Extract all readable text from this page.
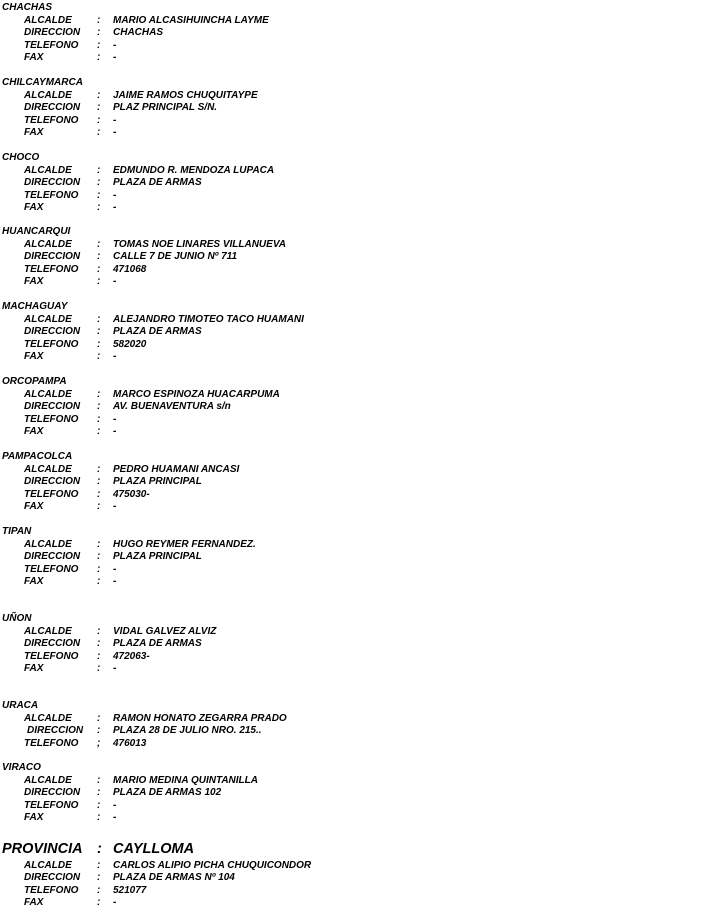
CHACHAS
ALCALDE	: MARIO ALCASIHUINCHA LAYME
DIRECCION : CHACHAS
TELEFONO : -
FAX	: -
CHILCAYMARCA
ALCALDE	: JAIME RAMOS CHUQUITAYPE
DIRECCION : PLAZ PRINCIPAL S/N.
TELEFONO : -
FAX	: -
CHOCO
ALCALDE	: EDMUNDO R. MENDOZA LUPACA
DIRECCION : PLAZA DE ARMAS
TELEFONO : -
FAX	: -
HUANCARQUI
ALCALDE	: TOMAS NOE LINARES VILLANUEVA
DIRECCION : CALLE 7 DE JUNIO Nº 711
TELEFONO : 471068
FAX	: -
MACHAGUAY
ALCALDE	: ALEJANDRO TIMOTEO TACO HUAMANI
DIRECCION : PLAZA DE ARMAS
TELEFONO : 582020
FAX	: -
ORCOPAMPA
ALCALDE	: MARCO ESPINOZA HUACARPUMA
DIRECCION : AV. BUENAVENTURA s/n
TELEFONO : -
FAX	: -
PAMPACOLCA
ALCALDE	: PEDRO HUAMANI ANCASI
DIRECCION : PLAZA PRINCIPAL
TELEFONO : 475030-
FAX	: -
TIPAN
ALCALDE	: HUGO REYMER FERNANDEZ.
DIRECCION : PLAZA PRINCIPAL
TELEFONO : -
FAX	: -
UÑON
ALCALDE	: VIDAL GALVEZ ALVIZ
DIRECCION : PLAZA DE ARMAS
TELEFONO : 472063-
FAX	: -
URACA
ALCALDE	: RAMON HONATO ZEGARRA PRADO
DIRECCION : PLAZA 28 DE JULIO NRO. 215..
TELEFONO ; 476013
VIRACO
ALCALDE	: MARIO MEDINA QUINTANILLA
DIRECCION : PLAZA DE ARMAS 102
TELEFONO : -
FAX	: -
PROVINCIA : CAYLLOMA
ALCALDE	: CARLOS ALIPIO PICHA CHUQUICONDOR
DIRECCION : PLAZA DE ARMAS Nº 104
TELEFONO : 521077
FAX	: -
